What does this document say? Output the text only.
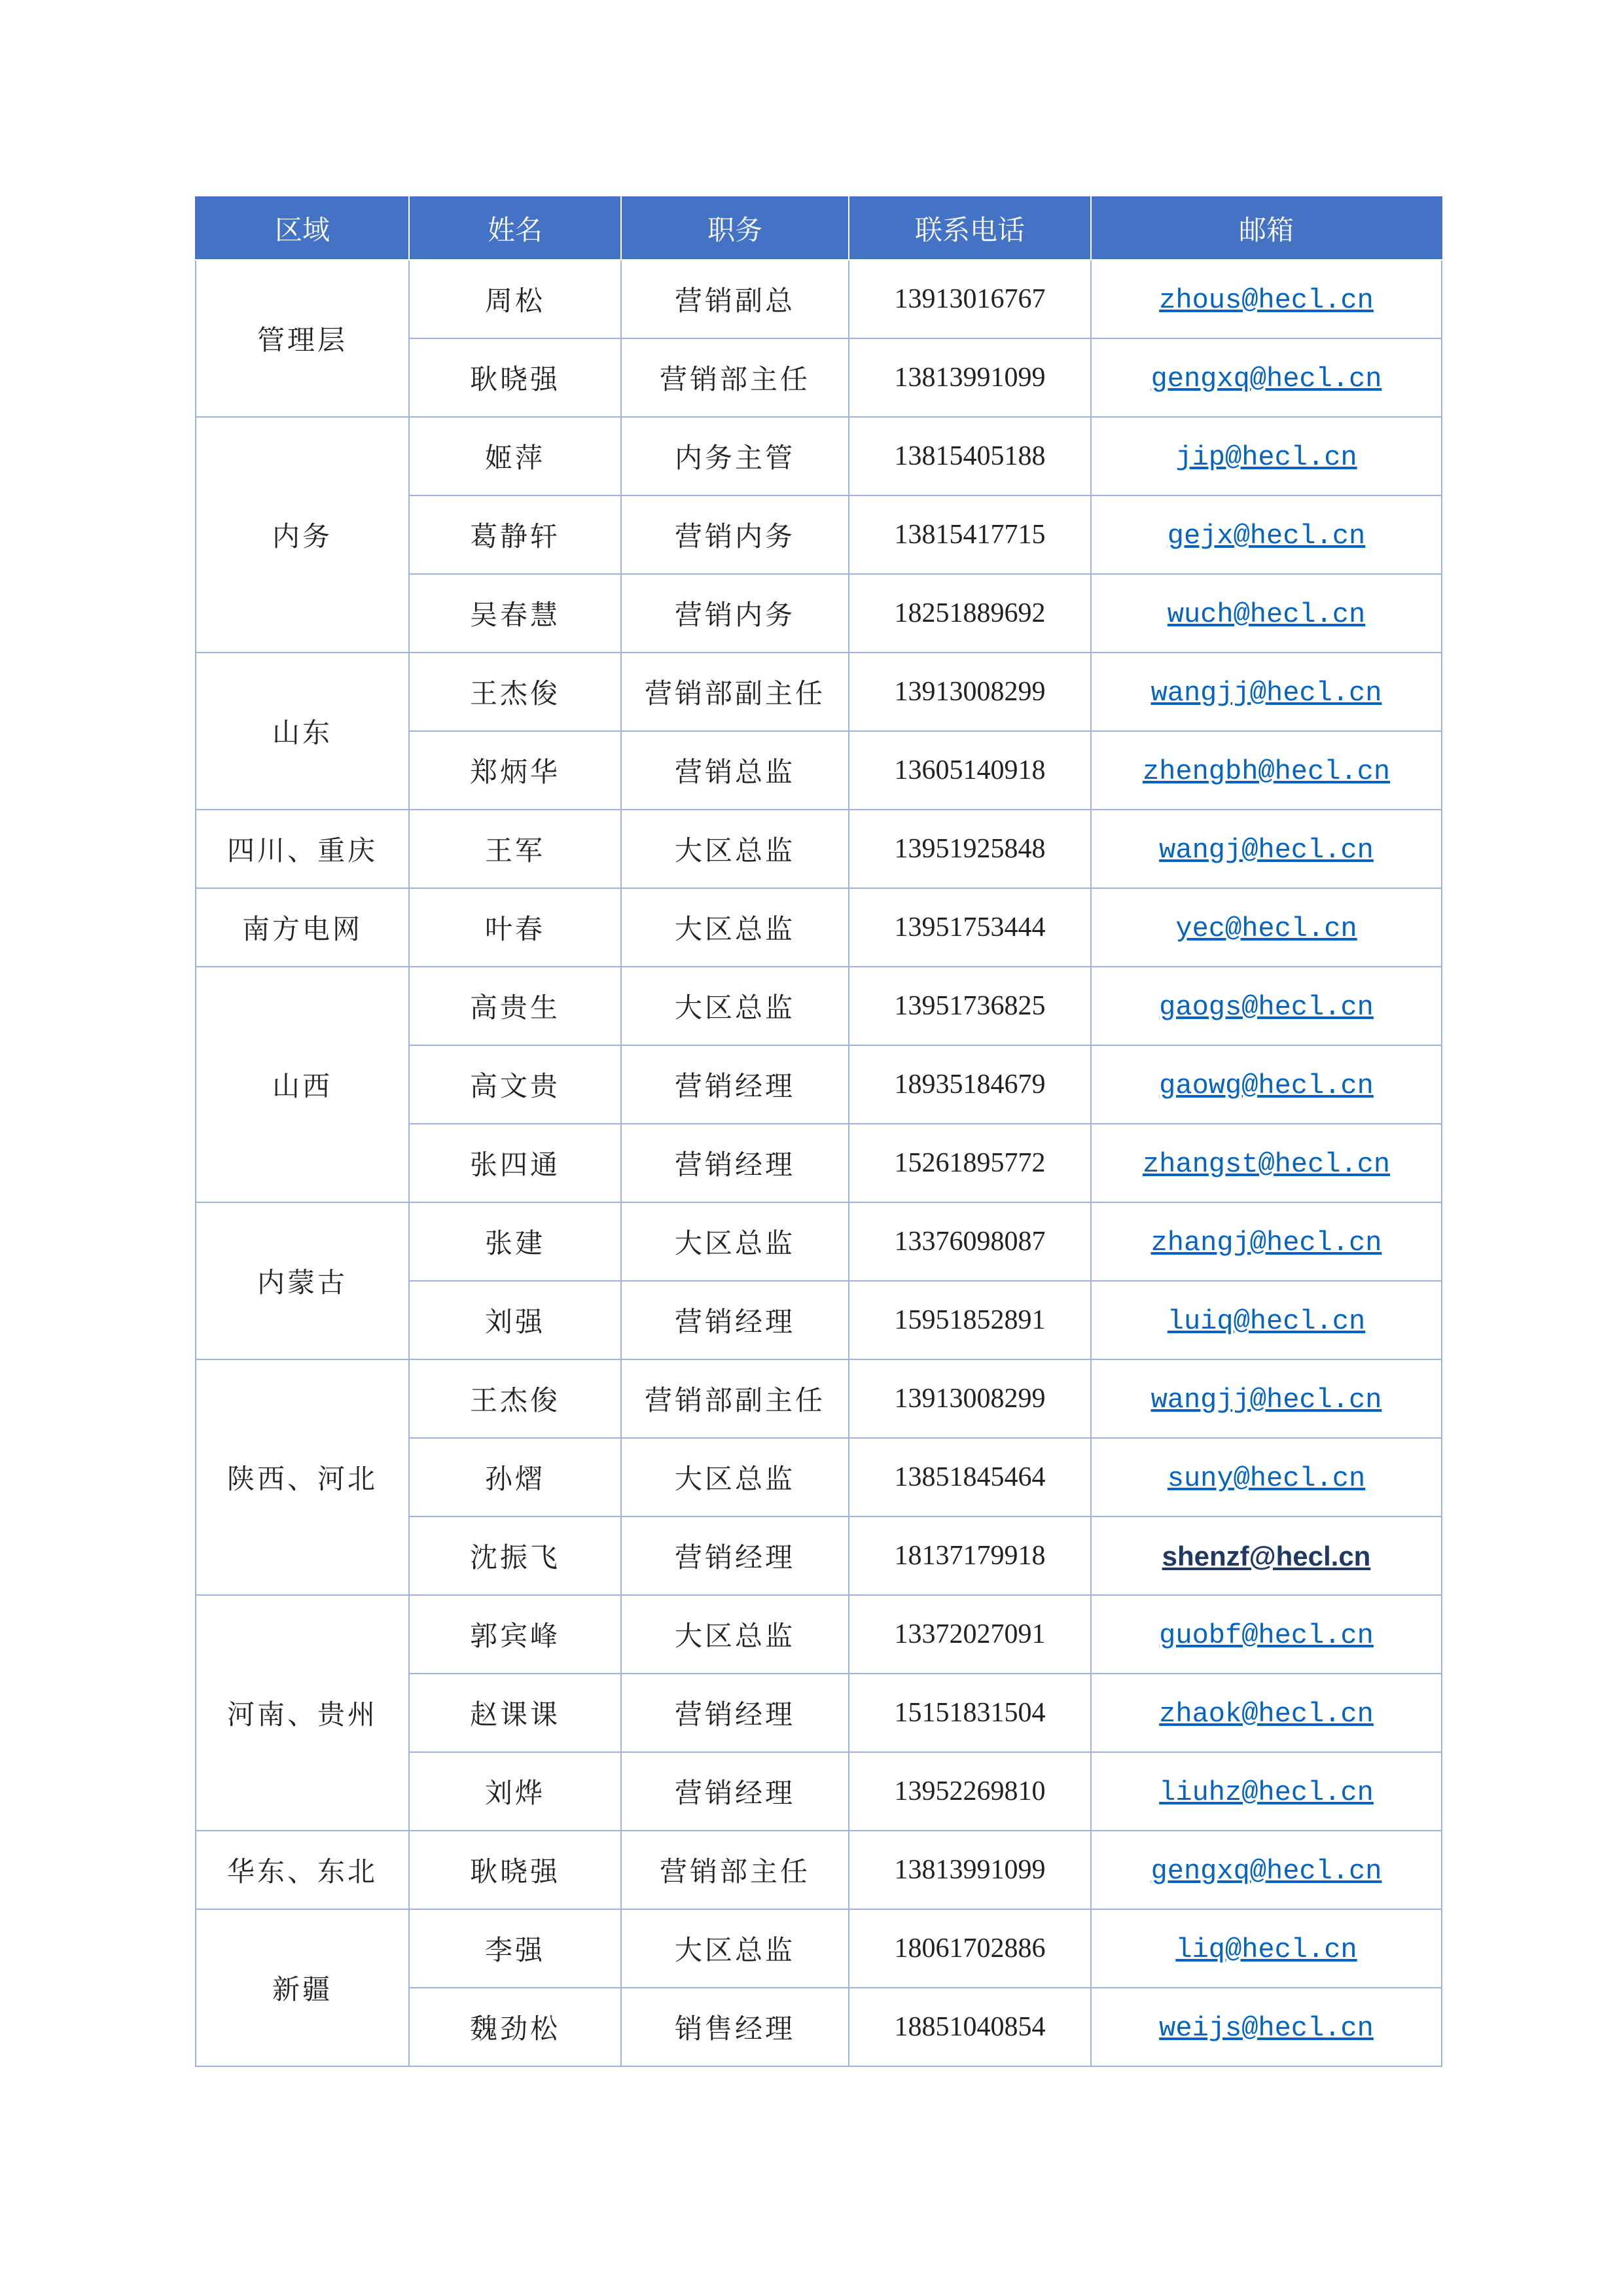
区域	姓名	职务	联系电话	邮箱
管理层	周松	营销副总	13913016767	zhous@hecl.cn
	耿晓强	营销部主任	13813991099	gengxq@hecl.cn
内务	姬萍	内务主管	13815405188	jip@hecl.cn
	葛静轩	营销内务	13815417715	gejx@hecl.cn
	吴春慧	营销内务	18251889692	wuch@hecl.cn
山东	王杰俊	营销部副主任	13913008299	wangjj@hecl.cn
	郑炳华	营销总监	13605140918	zhengbh@hecl.cn
四川、重庆	王军	大区总监	13951925848	wangj@hecl.cn
南方电网	叶春	大区总监	13951753444	yec@hecl.cn
山西	高贵生	大区总监	13951736825	gaogs@hecl.cn
	高文贵	营销经理	18935184679	gaowg@hecl.cn
	张四通	营销经理	15261895772	zhangst@hecl.cn
内蒙古	张建	大区总监	13376098087	zhangj@hecl.cn
	刘强	营销经理	15951852891	luiq@hecl.cn
陕西、河北	王杰俊	营销部副主任	13913008299	wangjj@hecl.cn
	孙熠	大区总监	13851845464	suny@hecl.cn
	沈振飞	营销经理	18137179918	shenzf@hecl.cn
河南、贵州	郭宾峰	大区总监	13372027091	guobf@hecl.cn
	赵课课	营销经理	15151831504	zhaok@hecl.cn
	刘烨	营销经理	13952269810	liuhz@hecl.cn
华东、东北	耿晓强	营销部主任	13813991099	gengxq@hecl.cn
新疆	李强	大区总监	18061702886	liq@hecl.cn
	魏劲松	销售经理	18851040854	weijs@hecl.cn
